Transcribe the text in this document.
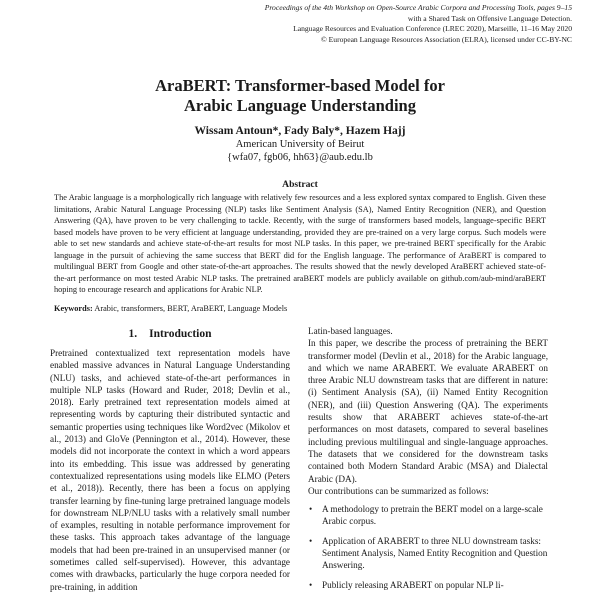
Proceedings of the 4th Workshop on Open-Source Arabic Corpora and Processing Tools, pages 9–15
with a Shared Task on Offensive Language Detection.
Language Resources and Evaluation Conference (LREC 2020), Marseille, 11–16 May 2020
© European Language Resources Association (ELRA), licensed under CC-BY-NC
AraBERT: Transformer-based Model for
Arabic Language Understanding
Wissam Antoun*, Fady Baly*, Hazem Hajj
American University of Beirut
{wfa07, fgb06, hh63}@aub.edu.lb
Abstract
The Arabic language is a morphologically rich language with relatively few resources and a less explored syntax compared to English. Given these limitations, Arabic Natural Language Processing (NLP) tasks like Sentiment Analysis (SA), Named Entity Recognition (NER), and Question Answering (QA), have proven to be very challenging to tackle. Recently, with the surge of transformers based models, language-specific BERT based models have proven to be very efficient at language understanding, provided they are pre-trained on a very large corpus. Such models were able to set new standards and achieve state-of-the-art results for most NLP tasks. In this paper, we pre-trained BERT specifically for the Arabic language in the pursuit of achieving the same success that BERT did for the English language. The performance of AraBERT is compared to multilingual BERT from Google and other state-of-the-art approaches. The results showed that the newly developed AraBERT achieved state-of-the-art performance on most tested Arabic NLP tasks. The pretrained araBERT models are publicly available on github.com/aub-mind/araBERT hoping to encourage research and applications for Arabic NLP.
Keywords: Arabic, transformers, BERT, AraBERT, Language Models
1. Introduction

Pretrained contextualized text representation models have enabled massive advances in Natural Language Understanding (NLU) tasks, and achieved state-of-the-art performances in multiple NLP tasks (Howard and Ruder, 2018; Devlin et al., 2018). Early pretrained text representation models aimed at representing words by capturing their distributed syntactic and semantic properties using techniques like Word2vec (Mikolov et al., 2013) and GloVe (Pennington et al., 2014). However, these models did not incorporate the context in which a word appears into its embedding. This issue was addressed by generating contextualized representations using models like ELMO (Peters et al., 2018)). Recently, there has been a focus on applying transfer learning by fine-tuning large pretrained language models for downstream NLP/NLU tasks with a relatively small number of examples, resulting in notable performance improvement for these tasks. This approach takes advantage of the language models that had been pre-trained in an unsupervised manner (or sometimes called self-supervised). However, this advantage comes with drawbacks, particularly the huge corpora needed for pre-training, in addition

Latin-based languages.

In this paper, we describe the process of pretraining the BERT transformer model (Devlin et al., 2018) for the Arabic language, and which we name ARABERT. We evaluate ARABERT on three Arabic NLU downstream tasks that are different in nature: (i) Sentiment Analysis (SA), (ii) Named Entity Recognition (NER), and (iii) Question Answering (QA). The experiments results show that ARABERT achieves state-of-the-art performances on most datasets, compared to several baselines including previous multilingual and single-language approaches. The datasets that we considered for the downstream tasks contained both Modern Standard Arabic (MSA) and Dialectal Arabic (DA).

Our contributions can be summarized as follows:

• A methodology to pretrain the BERT model on a large-scale Arabic corpus.
• Application of ARABERT to three NLU downstream tasks: Sentiment Analysis, Named Entity Recognition and Question Answering.
• Publicly releasing ARABERT on popular NLP li-
